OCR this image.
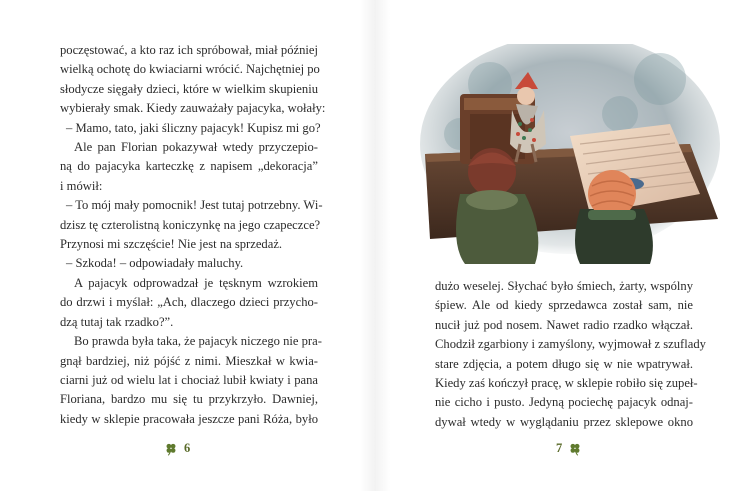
poczęstować, a kto raz ich spróbował, miał później
wielką ochotę do kwiaciarni wrócić. Najchętniej po
słodycze sięgały dzieci, które w wielkim skupieniu
wybierały smak. Kiedy zauważały pajacyka, wołały:
– Mamo, tato, jaki śliczny pajacyk! Kupisz mi go?
Ale pan Florian pokazywał wtedy przyczepio-
ną do pajacyka karteczkę z napisem „dekoracja”
i mówił:
– To mój mały pomocnik! Jest tutaj potrzebny. Wi-
dzisz tę czterolistną koniczynkę na jego czapeczce?
Przynosi mi szczęście! Nie jest na sprzedaż.
– Szkoda! – odpowiadały maluchy.
A pajacyk odprowadzał je tęsknym wzrokiem
do drzwi i myślał: „Ach, dlaczego dzieci przycho-
dzą tutaj tak rzadko?”.
Bo prawda była taka, że pajacyk niczego nie pra-
gnął bardziej, niż pójść z nimi. Mieszkał w kwia-
ciarni już od wielu lat i chociaż lubił kwiaty i pana
Floriana, bardzo mu się tu przykrzyło. Dawniej,
kiedy w sklepie pracowała jeszcze pani Róża, było
6
dużo weselej. Słychać było śmiech, żarty, wspólny
śpiew. Ale od kiedy sprzedawca został sam, nie
nucił już pod nosem. Nawet radio rzadko włączał.
Chodził zgarbiony i zamyślony, wyjmował z szuflady
stare zdjęcia, a potem długo się w nie wpatrywał.
Kiedy zaś kończył pracę, w sklepie robiło się zupeł-
nie cicho i pusto. Jedyną pociechę pajacyk odnaj-
dywał wtedy w wyglądaniu przez sklepowe okno
7
